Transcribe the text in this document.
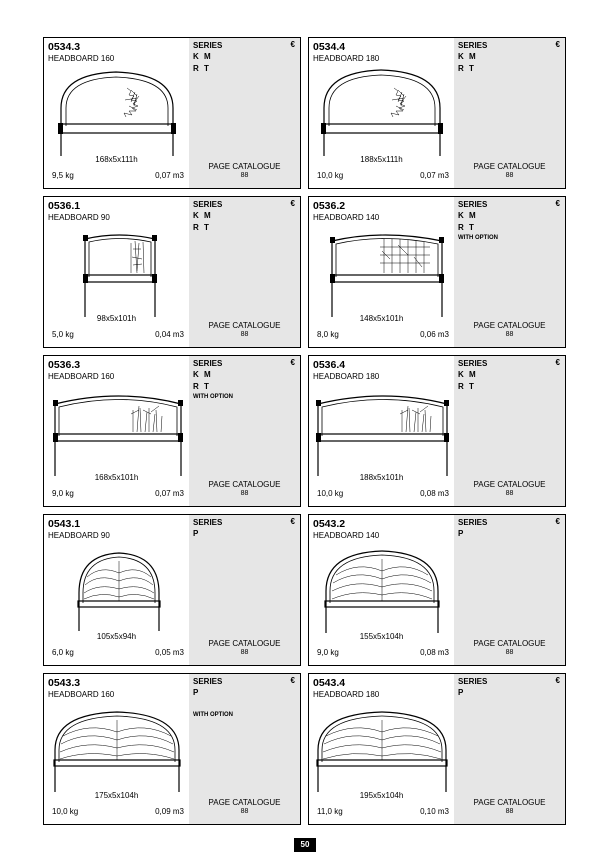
0534.3
HEADBOARD 160
SERIES	€
K M
R T
168x5x111h
9,5 kg	0,07 m3
PAGE CATALOGUE
88
0534.4
HEADBOARD 180
SERIES	€
K M
R T
188x5x111h
10,0 kg	0,07 m3
PAGE CATALOGUE
88
0536.1
HEADBOARD 90
SERIES	€
K M
R T
98x5x101h
5,0 kg	0,04 m3
PAGE CATALOGUE
88
0536.2
HEADBOARD 140
SERIES	€
K M
R T
WITH OPTION
148x5x101h
8,0 kg	0,06 m3
PAGE CATALOGUE
88
0536.3
HEADBOARD 160
SERIES	€
K M
R T
WITH OPTION
168x5x101h
9,0 kg	0,07 m3
PAGE CATALOGUE
88
0536.4
HEADBOARD 180
SERIES	€
K M
R T
188x5x101h
10,0 kg	0,08 m3
PAGE CATALOGUE
88
0543.1
HEADBOARD 90
SERIES	€
P
105x5x94h
6,0 kg	0,05 m3
PAGE CATALOGUE
88
0543.2
HEADBOARD 140
SERIES	€
P
155x5x104h
9,0 kg	0,08 m3
PAGE CATALOGUE
88
0543.3
HEADBOARD 160
SERIES	€
P
WITH OPTION
175x5x104h
10,0 kg	0,09 m3
PAGE CATALOGUE
88
0543.4
HEADBOARD 180
SERIES	€
P
195x5x104h
11,0 kg	0,10 m3
PAGE CATALOGUE
88
50
